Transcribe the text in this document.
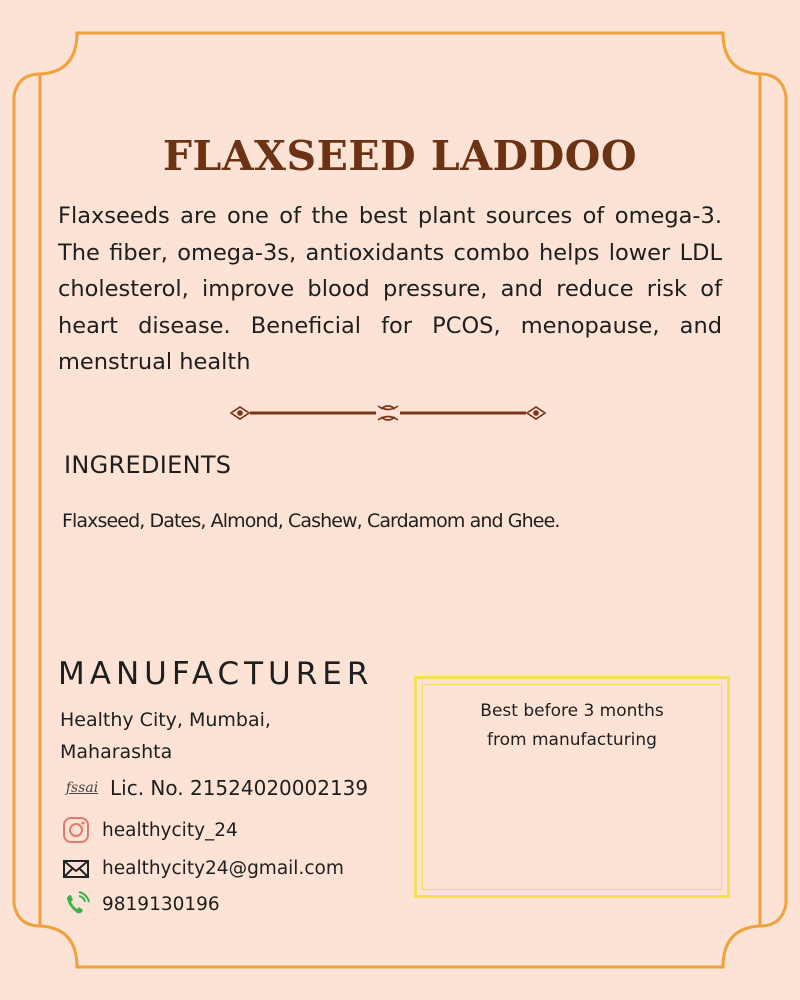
FLAXSEED LADDOO
Flaxseeds are one of the best plant sources of omega-3. The fiber, omega-3s, antioxidants combo helps lower LDL cholesterol, improve blood pressure, and reduce risk of heart disease. Beneficial for PCOS, menopause, and menstrual health
INGREDIENTS
Flaxseed, Dates, Almond, Cashew, Cardamom and Ghee.
MANUFACTURER
Healthy City, Mumbai,
Maharashta
fssai Lic. No. 21524020002139
healthycity_24
healthycity24@gmail.com
9819130196
Best before 3 months
from manufacturing
